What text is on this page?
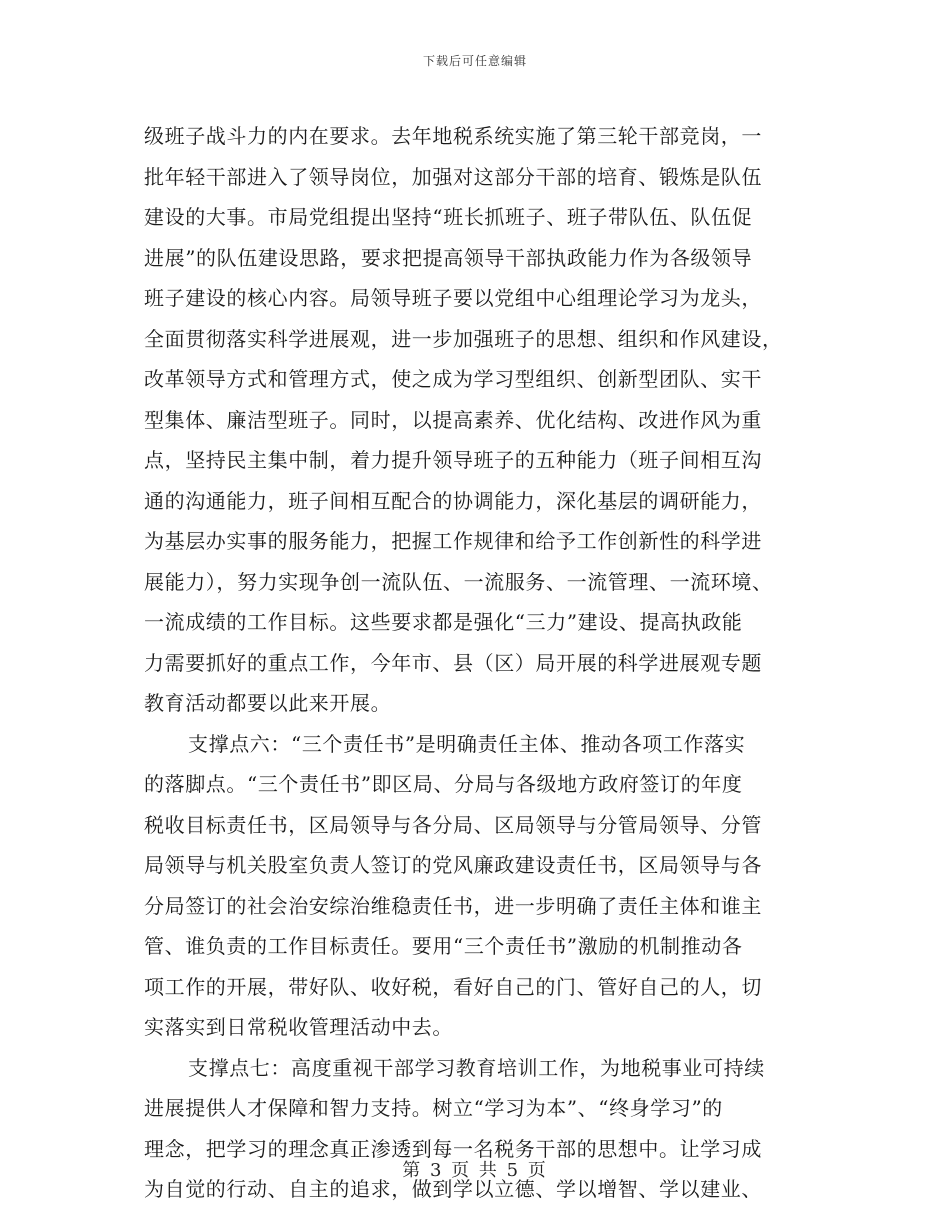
下载后可任意编辑
级班子战斗力的内在要求。去年地税系统实施了第三轮干部竞岗，一
批年轻干部进入了领导岗位，加强对这部分干部的培育、锻炼是队伍
建设的大事。市局党组提出坚持“班长抓班子、班子带队伍、队伍促
进展”的队伍建设思路，要求把提高领导干部执政能力作为各级领导
班子建设的核心内容。局领导班子要以党组中心组理论学习为龙头，
全面贯彻落实科学进展观，进一步加强班子的思想、组织和作风建设，
改革领导方式和管理方式，使之成为学习型组织、创新型团队、实干
型集体、廉洁型班子。同时，以提高素养、优化结构、改进作风为重
点，坚持民主集中制，着力提升领导班子的五种能力（班子间相互沟
通的沟通能力，班子间相互配合的协调能力，深化基层的调研能力，
为基层办实事的服务能力，把握工作规律和给予工作创新性的科学进
展能力），努力实现争创一流队伍、一流服务、一流管理、一流环境、
一流成绩的工作目标。这些要求都是强化“三力”建设、提高执政能
力需要抓好的重点工作，今年市、县（区）局开展的科学进展观专题
教育活动都要以此来开展。
支撑点六：“三个责任书”是明确责任主体、推动各项工作落实
的落脚点。“三个责任书”即区局、分局与各级地方政府签订的年度
税收目标责任书，区局领导与各分局、区局领导与分管局领导、分管
局领导与机关股室负责人签订的党风廉政建设责任书，区局领导与各
分局签订的社会治安综治维稳责任书，进一步明确了责任主体和谁主
管、谁负责的工作目标责任。要用“三个责任书”激励的机制推动各
项工作的开展，带好队、收好税，看好自己的门、管好自己的人，切
实落实到日常税收管理活动中去。
支撑点七：高度重视干部学习教育培训工作，为地税事业可持续
进展提供人才保障和智力支持。树立“学习为本”、“终身学习”的
理念，把学习的理念真正渗透到每一名税务干部的思想中。让学习成
为自觉的行动、自主的追求，做到学以立德、学以增智、学以建业、
第 3 页 共 5 页
